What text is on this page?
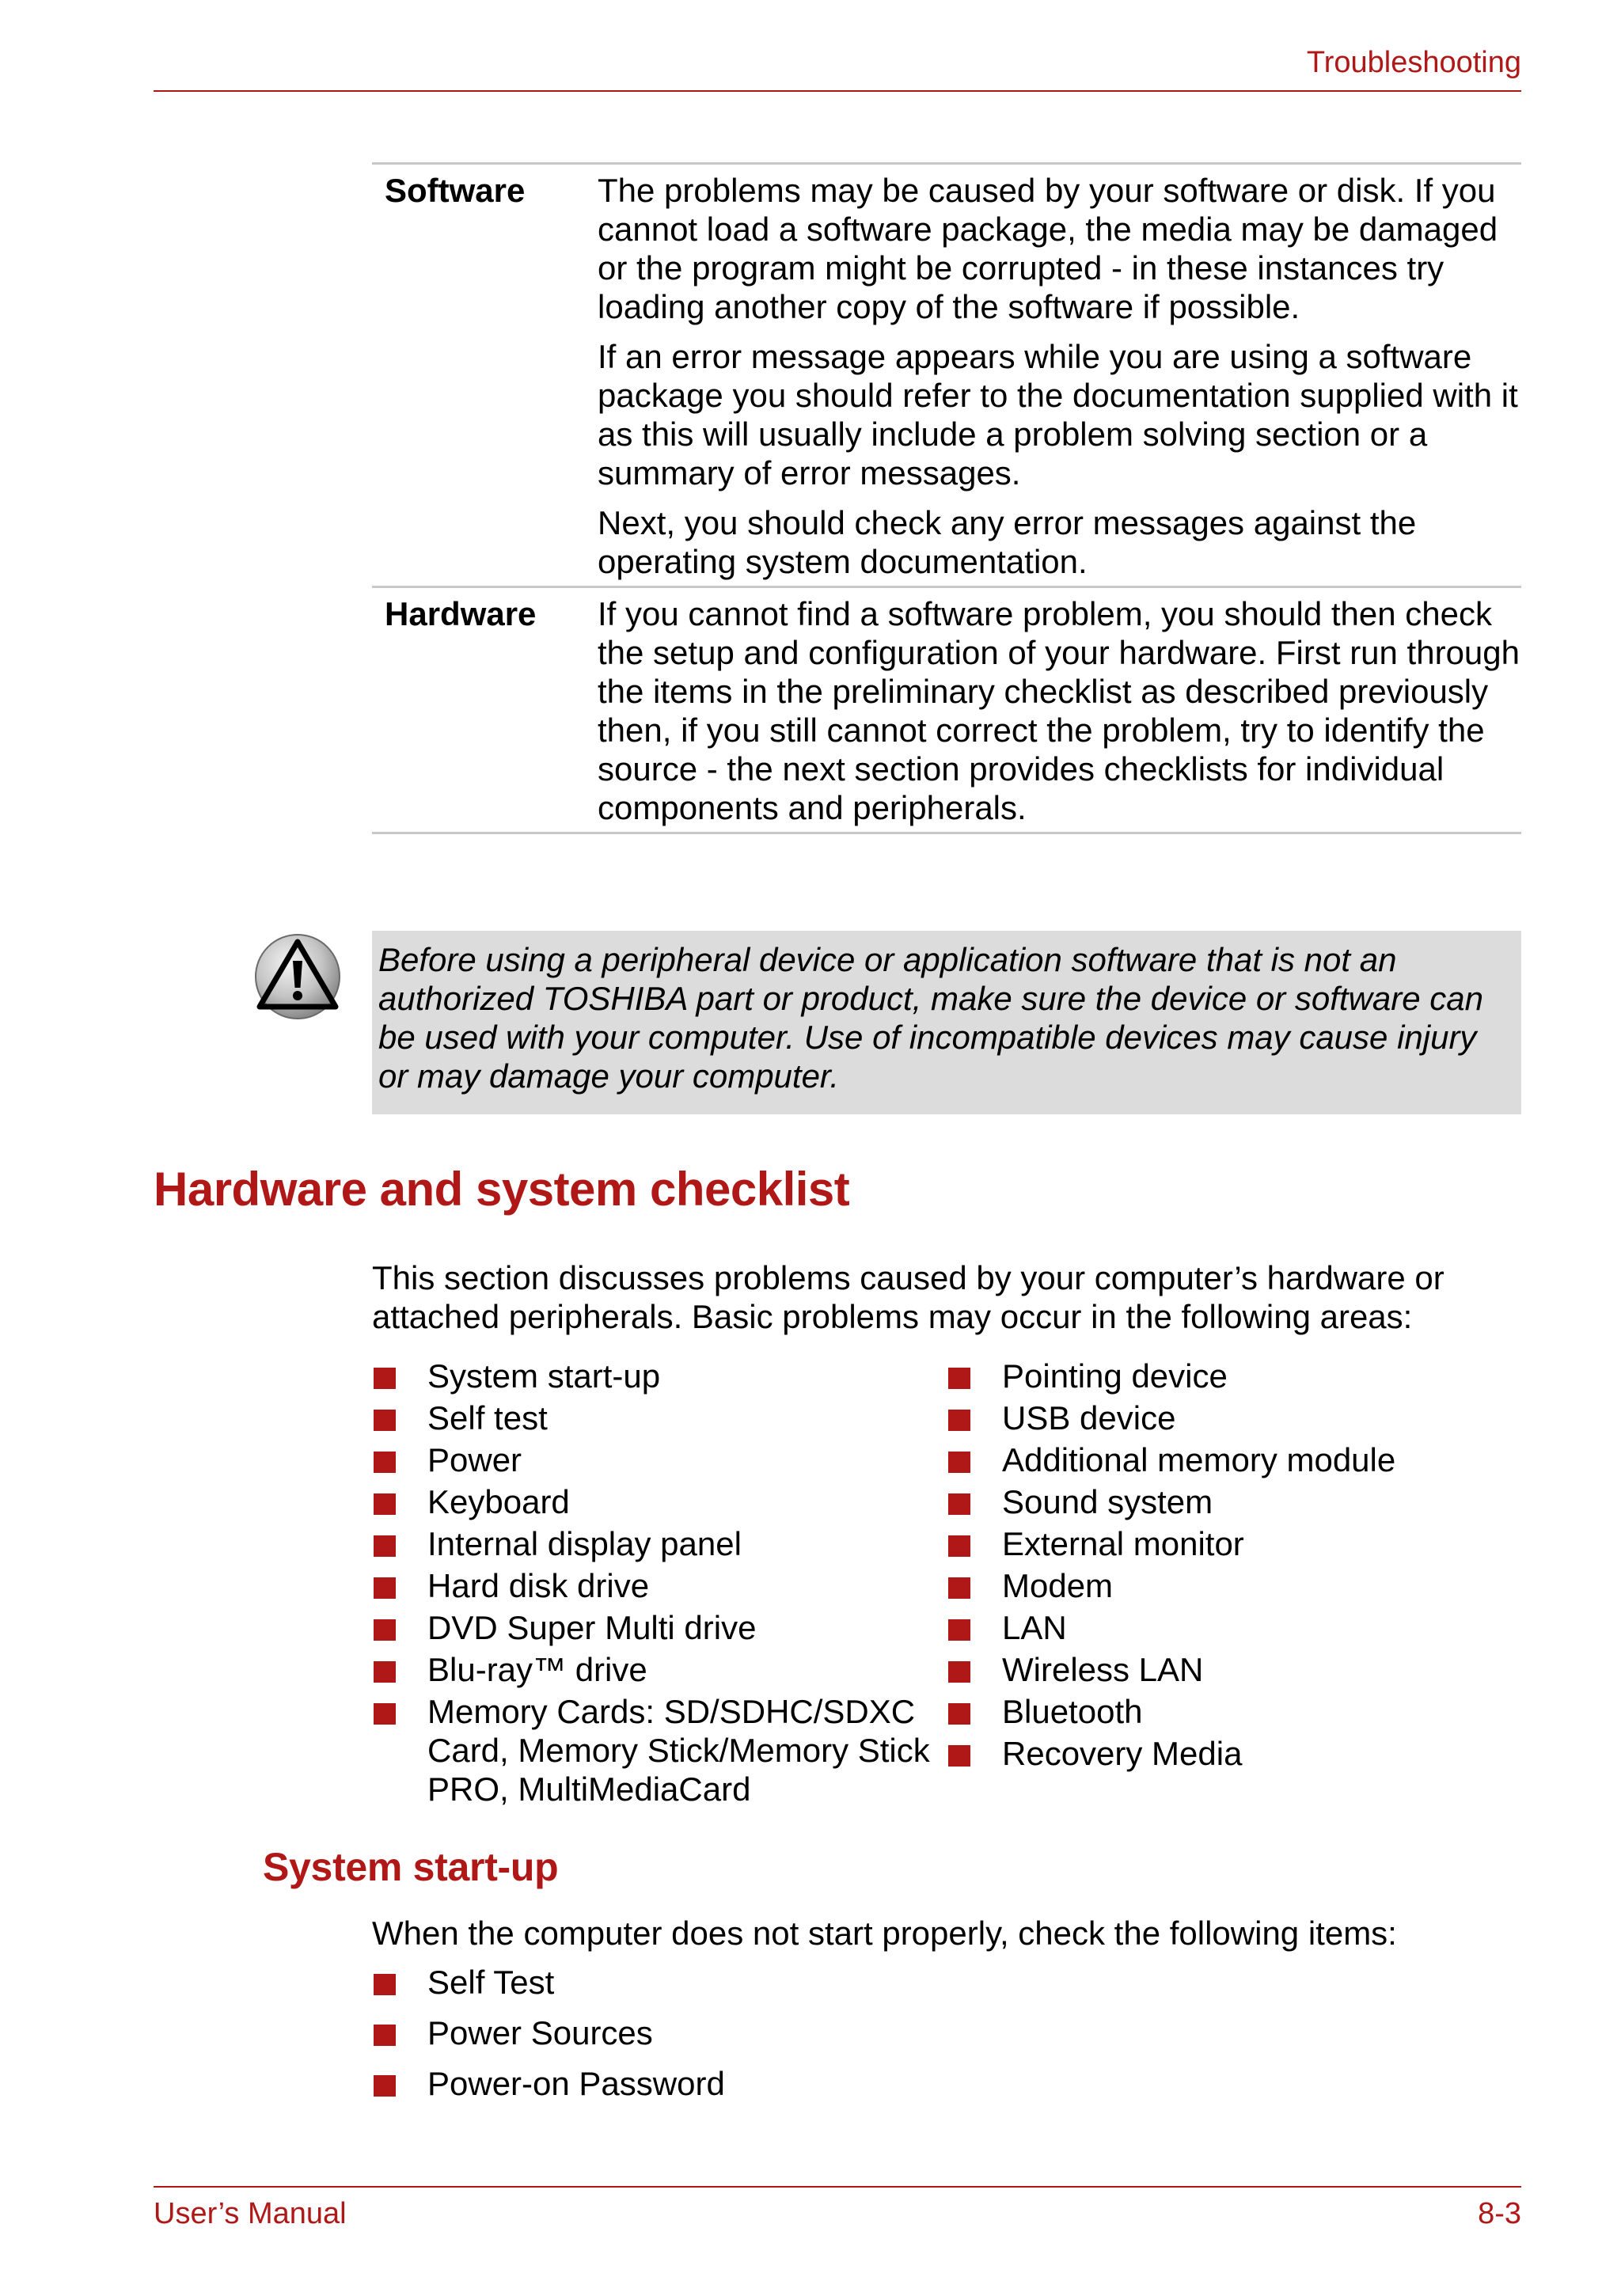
Troubleshooting
Software	The problems may be caused by your software or disk. If you cannot load a software package, the media may be damaged or the program might be corrupted - in these instances try loading another copy of the software if possible.

If an error message appears while you are using a software package you should refer to the documentation supplied with it as this will usually include a problem solving section or a summary of error messages.

Next, you should check any error messages against the operating system documentation.

Hardware	If you cannot find a software problem, you should then check the setup and configuration of your hardware. First run through the items in the preliminary checklist as described previously then, if you still cannot correct the problem, try to identify the source - the next section provides checklists for individual components and peripherals.

Before using a peripheral device or application software that is not an authorized TOSHIBA part or product, make sure the device or software can be used with your computer. Use of incompatible devices may cause injury or may damage your computer.
Hardware and system checklist
This section discusses problems caused by your computer’s hardware or attached peripherals. Basic problems may occur in the following areas:
System start-up
Self test
Power
Keyboard
Internal display panel
Hard disk drive
DVD Super Multi drive
Blu-ray™ drive
Memory Cards: SD/SDHC/SDXC Card, Memory Stick/Memory Stick PRO, MultiMediaCard
Pointing device
USB device
Additional memory module
Sound system
External monitor
Modem
LAN
Wireless LAN
Bluetooth
Recovery Media
System start-up
When the computer does not start properly, check the following items:
Self Test
Power Sources
Power-on Password
User’s Manual	8-3
